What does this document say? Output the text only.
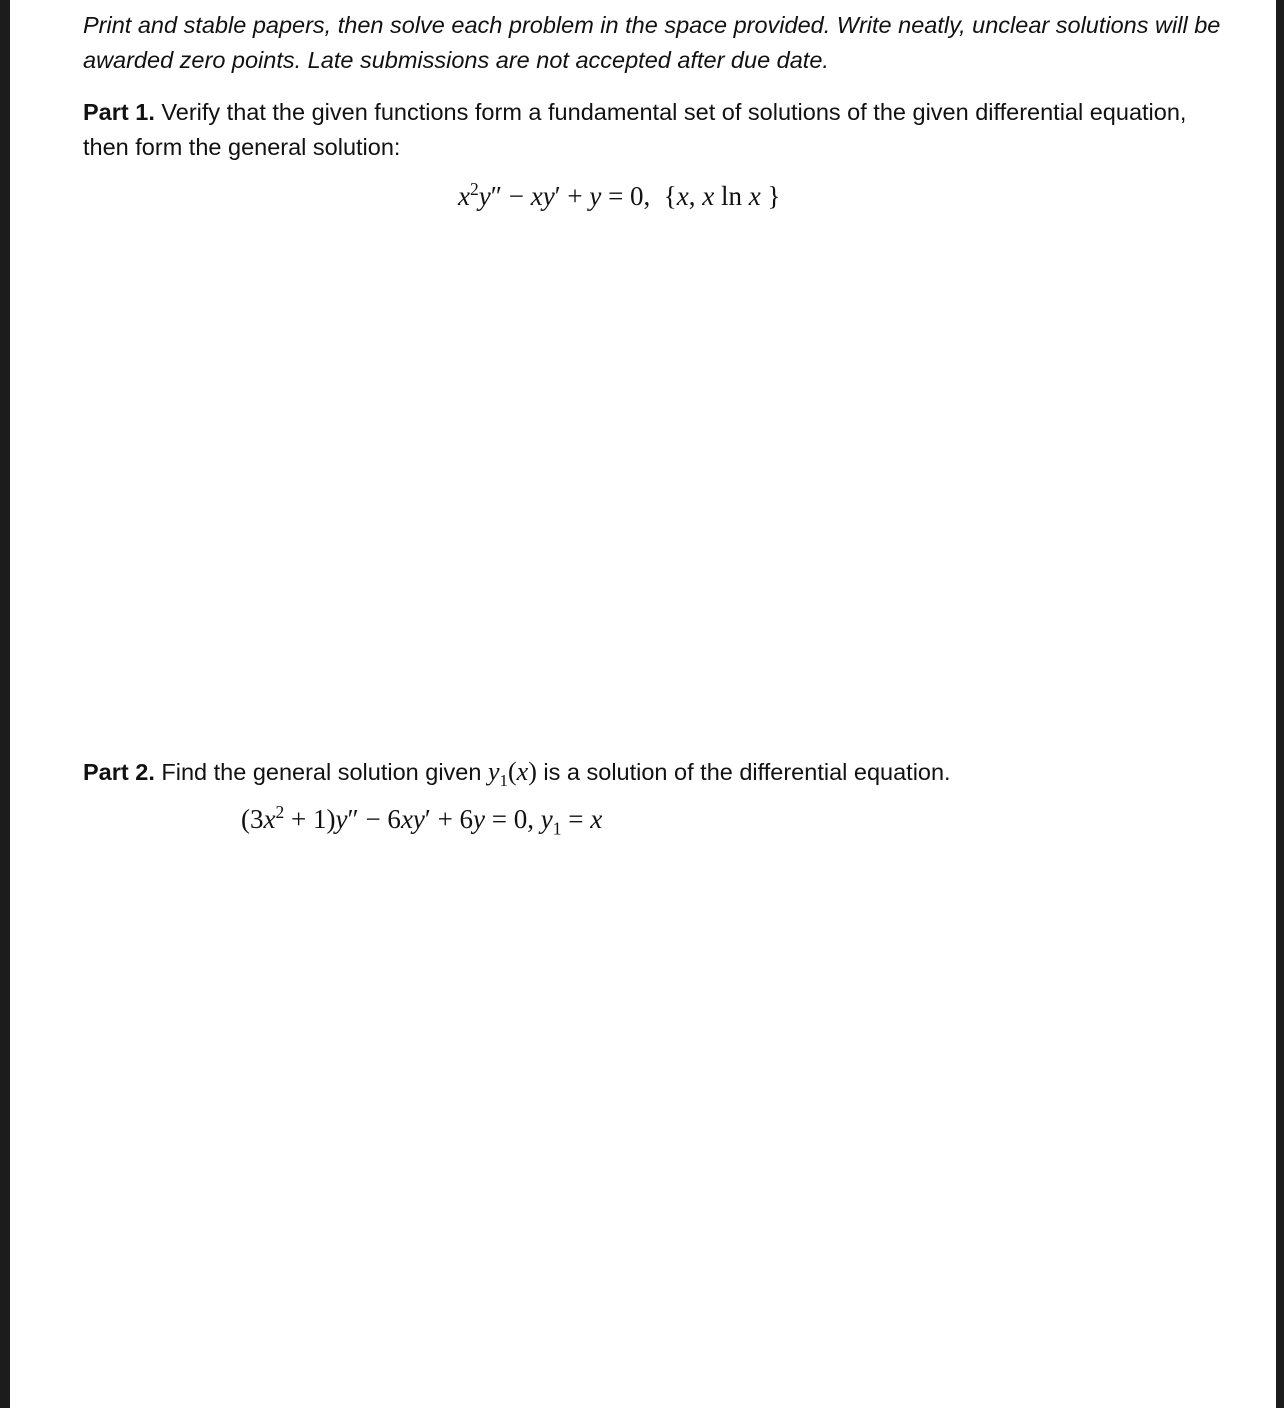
Print and stable papers, then solve each problem in the space provided. Write neatly, unclear solutions will be awarded zero points. Late submissions are not accepted after due date.
Part 1. Verify that the given functions form a fundamental set of solutions of the given differential equation, then form the general solution:
$x^2y'' - xy' + y = 0$,  {x, x ln x }
Part 2. Find the general solution given $y_1(x)$ is a solution of the differential equation.
$(3x^2 + 1)y'' - 6xy' + 6y = 0$, $y_1 = x$
